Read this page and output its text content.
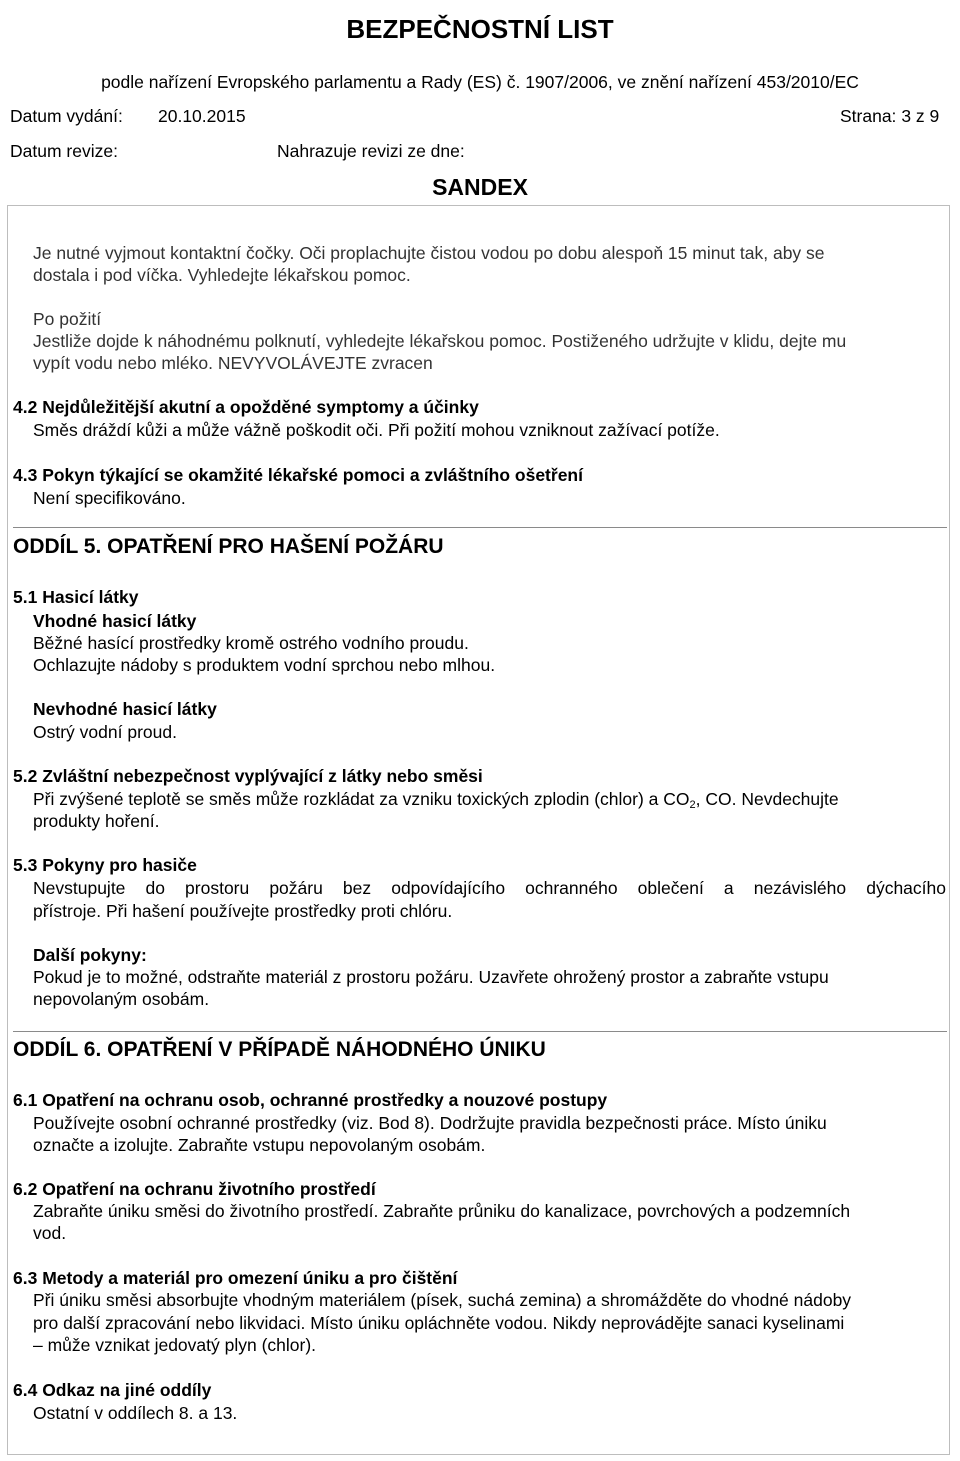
BEZPEČNOSTNÍ LIST
podle nařízení Evropského parlamentu a Rady (ES) č. 1907/2006, ve znění nařízení 453/2010/EC
Datum vydání: 20.10.2015	Strana: 3 z 9
Datum revize:	Nahrazuje revizi ze dne:
SANDEX
Je nutné vyjmout kontaktní čočky. Oči proplachujte čistou vodou po dobu alespoň 15 minut tak, aby se
dostala i pod víčka. Vyhledejte lékařskou pomoc.
Po požití
Jestliže dojde k náhodnému polknutí, vyhledejte lékařskou pomoc. Postiženého udržujte v klidu, dejte mu
vypít vodu nebo mléko. NEVYVOLÁVEJTE zvracen
4.2 Nejdůležitější akutní a opožděné symptomy a účinky
Směs dráždí kůži a může vážně poškodit oči. Při požití mohou vzniknout zažívací potíže.
4.3 Pokyn týkající se okamžité lékařské pomoci a zvláštního ošetření
Není specifikováno.
ODDÍL 5. OPATŘENÍ PRO HAŠENÍ POŽÁRU
5.1 Hasicí látky
Vhodné hasicí látky
Běžné hasící prostředky kromě ostrého vodního proudu.
Ochlazujte nádoby s produktem vodní sprchou nebo mlhou.
Nevhodné hasicí látky
Ostrý vodní proud.
5.2 Zvláštní nebezpečnost vyplývající z látky nebo směsi
Při zvýšené teplotě se směs může rozkládat za vzniku toxických zplodin (chlor) a $CO_2$, CO. Nevdechujte
produkty hoření.
5.3 Pokyny pro hasiče
Nevstupujte do prostoru požáru bez odpovídajícího ochranného oblečení a nezávislého dýchacího
přístroje. Při hašení používejte prostředky proti chlóru.
Další pokyny:
Pokud je to možné, odstraňte materiál z prostoru požáru. Uzavřete ohrožený prostor a zabraňte vstupu
nepovolaným osobám.
ODDÍL 6. OPATŘENÍ V PŘÍPADĚ NÁHODNÉHO ÚNIKU
6.1 Opatření na ochranu osob, ochranné prostředky a nouzové postupy
Používejte osobní ochranné prostředky (viz. Bod 8). Dodržujte pravidla bezpečnosti práce. Místo úniku
označte a izolujte. Zabraňte vstupu nepovolaným osobám.
6.2 Opatření na ochranu životního prostředí
Zabraňte úniku směsi do životního prostředí. Zabraňte průniku do kanalizace, povrchových a podzemních
vod.
6.3 Metody a materiál pro omezení úniku a pro čištění
Při úniku směsi absorbujte vhodným materiálem (písek, suchá zemina) a shromážděte do vhodné nádoby
pro další zpracování nebo likvidaci. Místo úniku opláchněte vodou. Nikdy neprovádějte sanaci kyselinami
– může vznikat jedovatý plyn (chlor).
6.4 Odkaz na jiné oddíly
Ostatní v oddílech 8. a 13.
